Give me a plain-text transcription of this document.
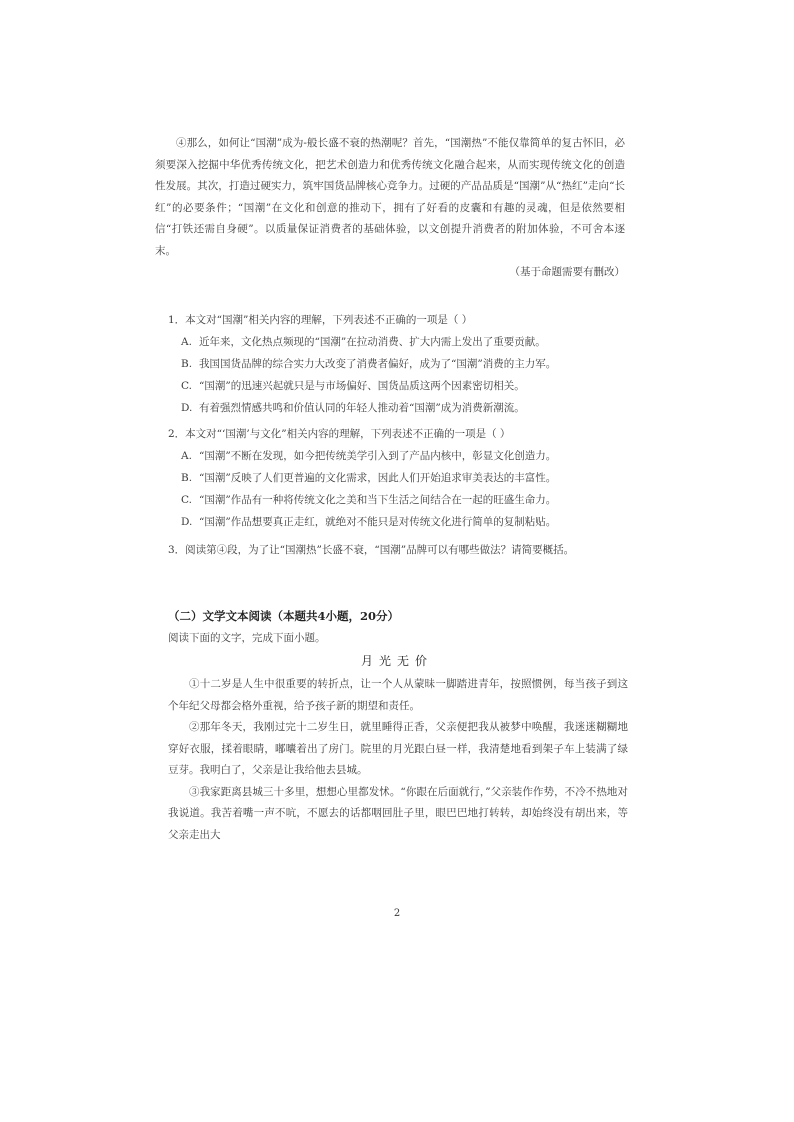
④那么，如何让“国潮”成为-般长盛不衰的热潮呢？首先，“国潮热”不能仅靠简单的复古怀旧，必须要深入挖掘中华优秀传统文化，把艺术创造力和优秀传统文化融合起来，从而实现传统文化的创造性发展。其次，打造过硬实力，筑牢国货品牌核心竞争力。过硬的产品品质是“国潮”从“热红”走向“长红”的必要条件；“国潮”在文化和创意的推动下，拥有了好看的皮囊和有趣的灵魂，但是依然要相信“打铁还需自身硬”。以质量保证消费者的基础体验，以文创提升消费者的附加体验，不可舍本逐末。

（基于命题需要有删改）

1．本文对“国潮”相关内容的理解，下列表述不正确的一项是（ ）

A. 近年来，文化热点频现的“国潮”在拉动消费、扩大内需上发出了重要贡献。

B. 我国国货品牌的综合实力大改变了消费者偏好，成为了“国潮”消费的主力军。

C. “国潮”的迅速兴起就只是与市场偏好、国货品质这两个因素密切相关。

D. 有着强烈情感共鸣和价值认同的年轻人推动着“国潮”成为消费新潮流。

2．本文对“‘国潮’与文化”相关内容的理解，下列表述不正确的一项是（ ）

A. “国潮”不断在发现，如今把传统美学引入到了产品内核中，彰显文化创造力。

B. “国潮”反映了人们更普遍的文化需求，因此人们开始追求审美表达的丰富性。

C. “国潮”作品有一种将传统文化之美和当下生活之间结合在一起的旺盛生命力。

D. “国潮”作品想要真正走红，就绝对不能只是对传统文化进行简单的复制粘贴。

3．阅读第④段，为了让“国潮热”长盛不衰，“国潮”品牌可以有哪些做法？请简要概括。

（二）文学文本阅读（本题共4小题，20分）

阅读下面的文字，完成下面小题。

月光无价

①十二岁是人生中很重要的转折点，让一个人从蒙昧一脚踏进青年，按照惯例，每当孩子到这个年纪父母都会格外重视，给予孩子新的期望和责任。

②那年冬天，我刚过完十二岁生日，就里睡得正香，父亲便把我从被梦中唤醒，我迷迷糊糊地穿好衣服，揉着眼睛，嘟囔着出了房门。院里的月光跟白昼一样，我清楚地看到架子车上装满了绿豆芽。我明白了，父亲是让我给他去县城。

③我家距离县城三十多里，想想心里都发怵。“你跟在后面就行，”父亲装作作势，不冷不热地对我说道。我苦着嘴一声不吭，不愿去的话都咽回肚子里，眼巴巴地打转转，却始终没有胡出来，等父亲走出大

2
